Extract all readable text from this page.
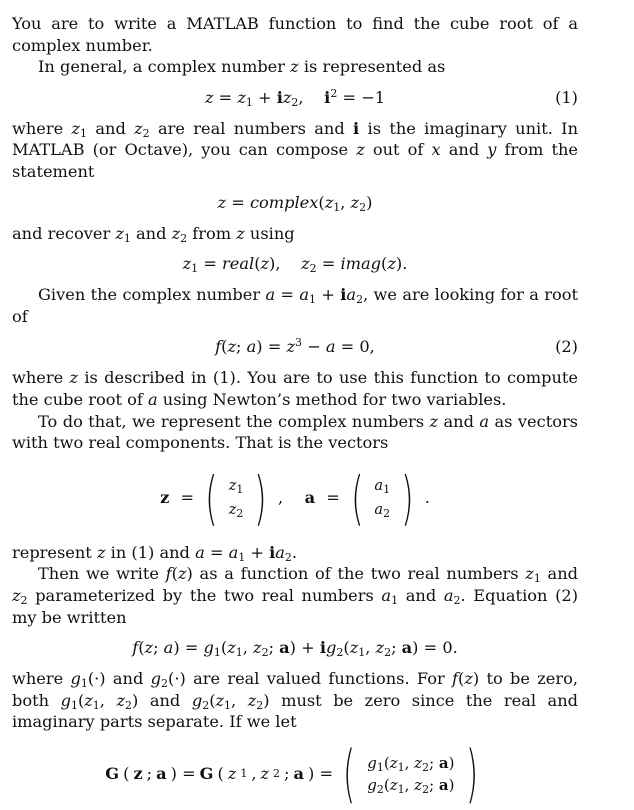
You are to write a MATLAB function to find the cube root of a complex number.

In general, a complex number z is represented as

$z = z_1 + iz_2$,    $i^2 = -1$	(1)

where $z_1$ and $z_2$ are real numbers and i is the imaginary unit. In MATLAB (or Octave), you can compose z out of x and y from the statement

$z = complex(z_1$, $z_2$)

and recover $z_1$ and $z_2$ from z using

$z_1$ = real(z),    $z_2$ = imag(z).

Given the complex number $a = a_1 + ia_2$, we are looking for a root of

f(z; $a) = z^3 - a = 0$,	(2)

where z is described in (1). You are to use this function to compute the cube root of a using Newton’s method for two variables.

To do that, we represent the complex numbers z and a as vectors with two real components. That is the vectors

z = ( $z_1$
$z_2$ ) , a = ( $a_1$
$a_2$ ) .

represent z in (1) and $a = a_1 + ia_2$.

Then we write f(z) as a function of the two real numbers $z_1$ and $z_2$ parameterized by the two real numbers $a_1$ and $a_2$. Equation (2) my be written

f(z; $a) = g_1(z_1$, $z_2$; $a) + ig_2(z_1$, $z_2$; a) = 0.

where $g_1(\cdot)$ and $g_2(\cdot)$ are real valued functions. For f(z) to be zero, both $g_1(z_1$, $z_2$) and $g_2(z_1$, $z_2$) must be zero since the real and imaginary parts separate. If we let

G ( z ; a ) = G ( z 1 , z 2 ; a ) = ( $g_1(z_1$, $z_2$; a)
$g_2(z_1$, $z_2$; a) )
